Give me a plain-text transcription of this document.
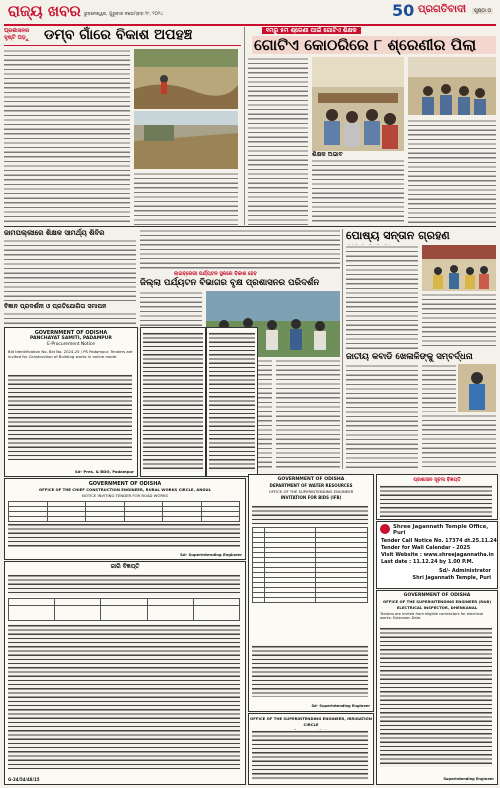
ରାଜ୍ୟ ଖବର ଭୁବନେଶ୍ୱର, ଗୁରୁବାର ନଭେମ୍ବର ୨୮, ୨୦୨୪	50 ପ୍ରଗତିବାଦୀ	ପୃଷ୍ଠା ୦
ପ୍ରଶାସନର ଦୃଷ୍ଟି ପଡ଼ୁ	ଡମ୍ବ ଗାଁରେ ବିକାଶ ଅପହଞ୍ଚ	୧ମରୁ ୫ମ ଶ୍ରେଣୀ ପାଇଁ ଗୋଟିଏ ଶିକ୍ଷକ
ଗୋଟିଏ କୋଠରିରେ ୮ ଶ୍ରେଣୀର ପିଲା
ଶିକ୍ଷକ ଅଭାବ
ଜାମପଲ୍ଲୀରେ ଶିକ୍ଷକ ସାମର୍ଥ୍ୟ ଶିବିର
ବିଜ୍ଞାନ ପ୍ରଦର୍ଶନୀ ଓ ପ୍ରତିଯୋଗିତା ସମାପନ
ଲାଇବ୍ରେରୀ ପର୍ଯ୍ୟଟନ ସ୍ଥଳରେ ବିକାଶ ହେବ
ଜିଲ୍ଲା ପର୍ଯ୍ୟଟନ ବିଭାଗର ବୃକ୍ଷ ପ୍ରଶାସନର ପରିଦର୍ଶନ
ପୋଷ୍ୟ ସନ୍ତାନ ଗ୍ରହଣ
ଜାତୀୟ କବାଡି ଖେଳାଳିଙ୍କୁ ସମ୍ବର୍ଦ୍ଧନା
GOVERNMENT OF ODISHA
PANCHAYAT SAMITI, PADAMPUR
E-Procurement Notice
Bid Identification No. Bid No. 2024-25 / PS Padampur. Tenders are invited for Construction of Building works in online mode.
Sd- Pres. & BDO, Padampur
GOVERNMENT OF ODISHA
OFFICE OF THE CHIEF CONSTRUCTION ENGINEER, RURAL WORKS CIRCLE, ANGUL
NOTICE INVITING TENDER FOR ROAD WORKS

Sd- Superintending Engineer
ଜାରି ବିଜ୍ଞପ୍ତି

G-24/54/48/15
GOVERNMENT OF ODISHA
DEPARTMENT OF WATER RESOURCES
OFFICE OF THE SUPERINTENDING ENGINEER
INVITATION FOR BIDS (IFB)

Sd- Superintending Engineer
ପ୍ରଶାସନ ସୂଚନା ବିଜ୍ଞପ୍ତି
Shree Jagannath Temple Office, Puri
Tender Call Notice No. 17374 dt.25.11.24
Tender for Wall Calendar - 2025
Visit Website : www.shreejagannatha.in
Last date : 11.12.24 by 1.00 P.M.
Sd/- Administrator
Shri Jagannath Temple, Puri
GOVERNMENT OF ODISHA
OFFICE OF THE SUPERINTENDING ENGINEER (R&B) ELECTRICAL INSPECTOR, DHENKANAL
Tenders are invited from eligible contractors for electrical works. Extension Date.
Superintending Engineer
OFFICE OF THE SUPERINTENDING ENGINEER, IRRIGATION CIRCLE
